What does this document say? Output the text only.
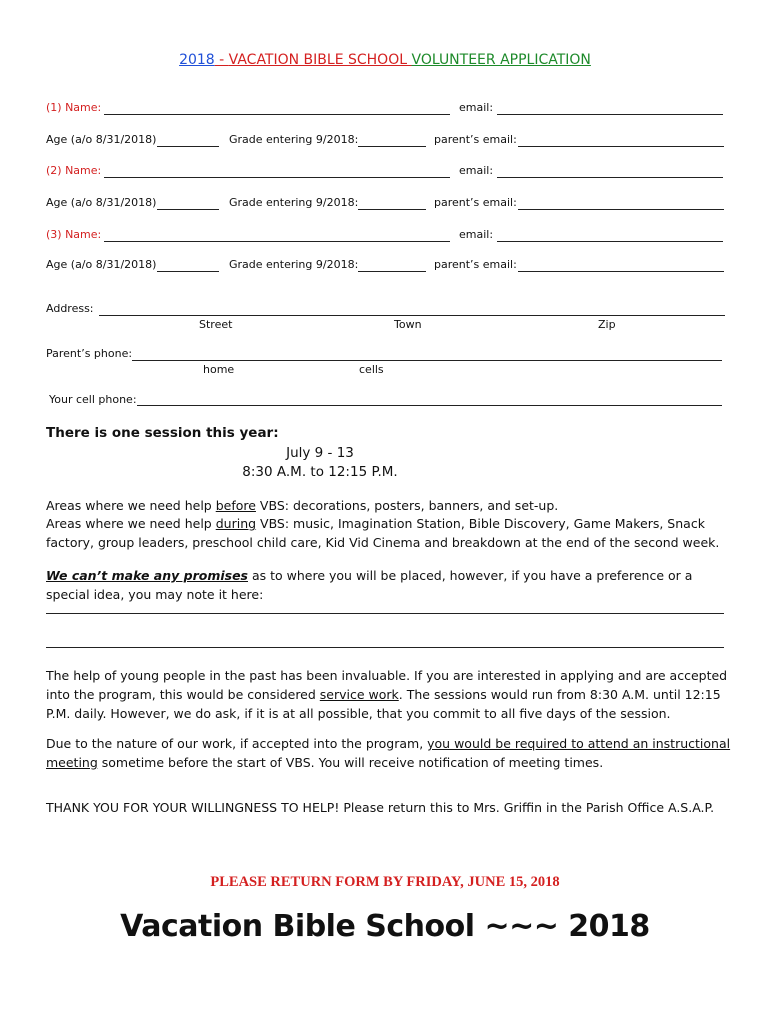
2018 - VACATION BIBLE SCHOOL VOLUNTEER APPLICATION
(1) Name:	email:
Age (a/o 8/31/2018)	Grade entering 9/2018:	parent’s email:
(2) Name:	email:
Age (a/o 8/31/2018)	Grade entering 9/2018:	parent’s email:
(3) Name:	email:
Age (a/o 8/31/2018)	Grade entering 9/2018:	parent’s email:
Address:
Street	Town	Zip
Parent’s phone:
home	cells
Your cell phone:
There is one session this year:
July 9 - 13
8:30 A.M. to 12:15 P.M.
Areas where we need help before VBS: decorations, posters, banners, and set-up.
Areas where we need help during VBS: music, Imagination Station, Bible Discovery, Game Makers, Snack factory, group leaders, preschool child care, Kid Vid Cinema and breakdown at the end of the second week.
We can’t make any promises as to where you will be placed, however, if you have a preference or a special idea, you may note it here:
The help of young people in the past has been invaluable. If you are interested in applying and are accepted into the program, this would be considered service work. The sessions would run from 8:30 A.M. until 12:15 P.M. daily. However, we do ask, if it is at all possible, that you commit to all five days of the session.
Due to the nature of our work, if accepted into the program, you would be required to attend an instructional meeting sometime before the start of VBS. You will receive notification of meeting times.
THANK YOU FOR YOUR WILLINGNESS TO HELP! Please return this to Mrs. Griffin in the Parish Office A.S.A.P.
PLEASE RETURN FORM BY FRIDAY, JUNE 15, 2018
Vacation Bible School ~~~ 2018
